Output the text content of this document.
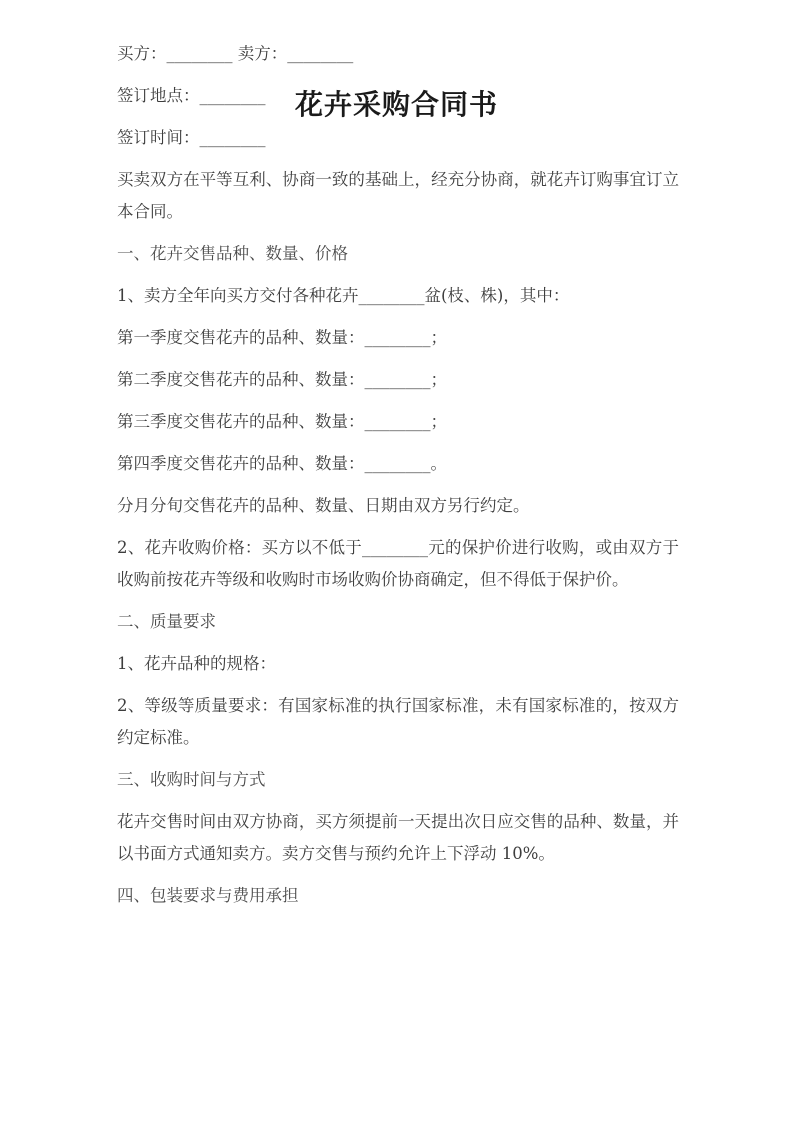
花卉采购合同书

买方：________ 卖方：________

签订地点：________

签订时间：________

买卖双方在平等互利、协商一致的基础上，经充分协商，就花卉订购事宜订立本合同。

一、花卉交售品种、数量、价格

1、卖方全年向买方交付各种花卉________盆(枝、株)，其中：

第一季度交售花卉的品种、数量：________；

第二季度交售花卉的品种、数量：________；

第三季度交售花卉的品种、数量：________；

第四季度交售花卉的品种、数量：________。

分月分旬交售花卉的品种、数量、日期由双方另行约定。

2、花卉收购价格：买方以不低于________元的保护价进行收购，或由双方于收购前按花卉等级和收购时市场收购价协商确定，但不得低于保护价。

二、质量要求

1、花卉品种的规格：

2、等级等质量要求：有国家标准的执行国家标准，未有国家标准的，按双方约定标准。

三、收购时间与方式

花卉交售时间由双方协商，买方须提前一天提出次日应交售的品种、数量，并以书面方式通知卖方。卖方交售与预约允许上下浮动 10%。

四、包装要求与费用承担
